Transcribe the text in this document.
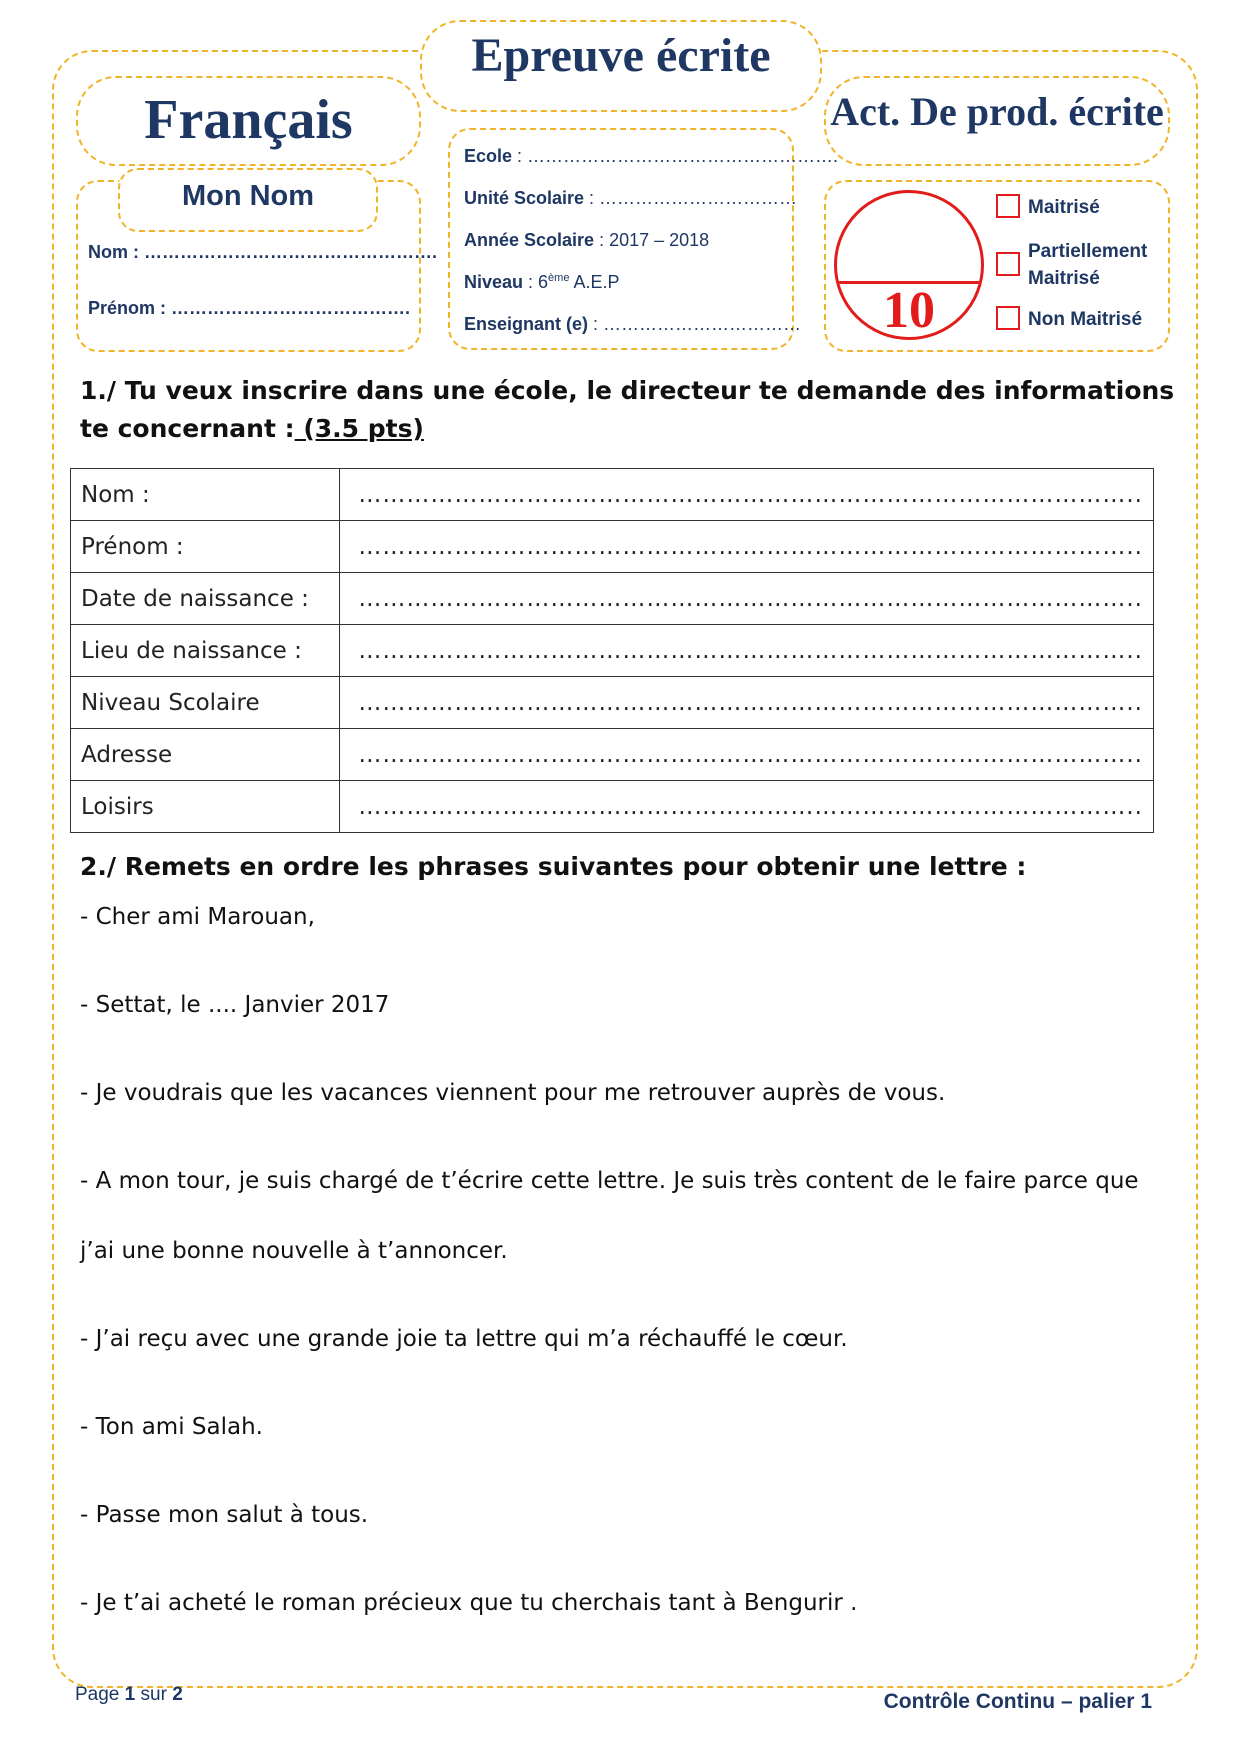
Epreuve écrite
Français	Act. De prod. écrite
Nom : ………………………………………….
Prénom : ………………………………….
Mon Nom
Ecole : …………………………………………….
Unité Scolaire : ……………………………
Année Scolaire : 2017 – 2018
Niveau : 6ème A.E.P
Enseignant (e) : ……………………………	10
Maitrisé
Partiellement Maitrisé
Non Maitrisé
1./ Tu veux inscrire dans une école, le directeur te demande des informations te concernant : (3.5 pts)
Nom :	……………………………………………………………………………………..
Prénom :	……………………………………………………………………………………..
Date de naissance :	……………………………………………………………………………………..
Lieu de naissance :	……………………………………………………………………………………..
Niveau Scolaire	……………………………………………………………………………………..
Adresse	……………………………………………………………………………………..
Loisirs	……………………………………………………………………………………..
2./ Remets en ordre les phrases suivantes pour obtenir une lettre :
- Cher ami Marouan,
- Settat, le .... Janvier 2017
- Je voudrais que les vacances viennent pour me retrouver auprès de vous.
- A mon tour, je suis chargé de t’écrire cette lettre. Je suis très content de le faire parce que
j’ai une bonne nouvelle à t’annoncer.
- J’ai reçu avec une grande joie ta lettre qui m’a réchauffé le cœur.
- Ton ami Salah.
- Passe mon salut à tous.
- Je t’ai acheté le roman précieux que tu cherchais tant à Bengurir .
Page 1 sur 2	Contrôle Continu – palier 1
